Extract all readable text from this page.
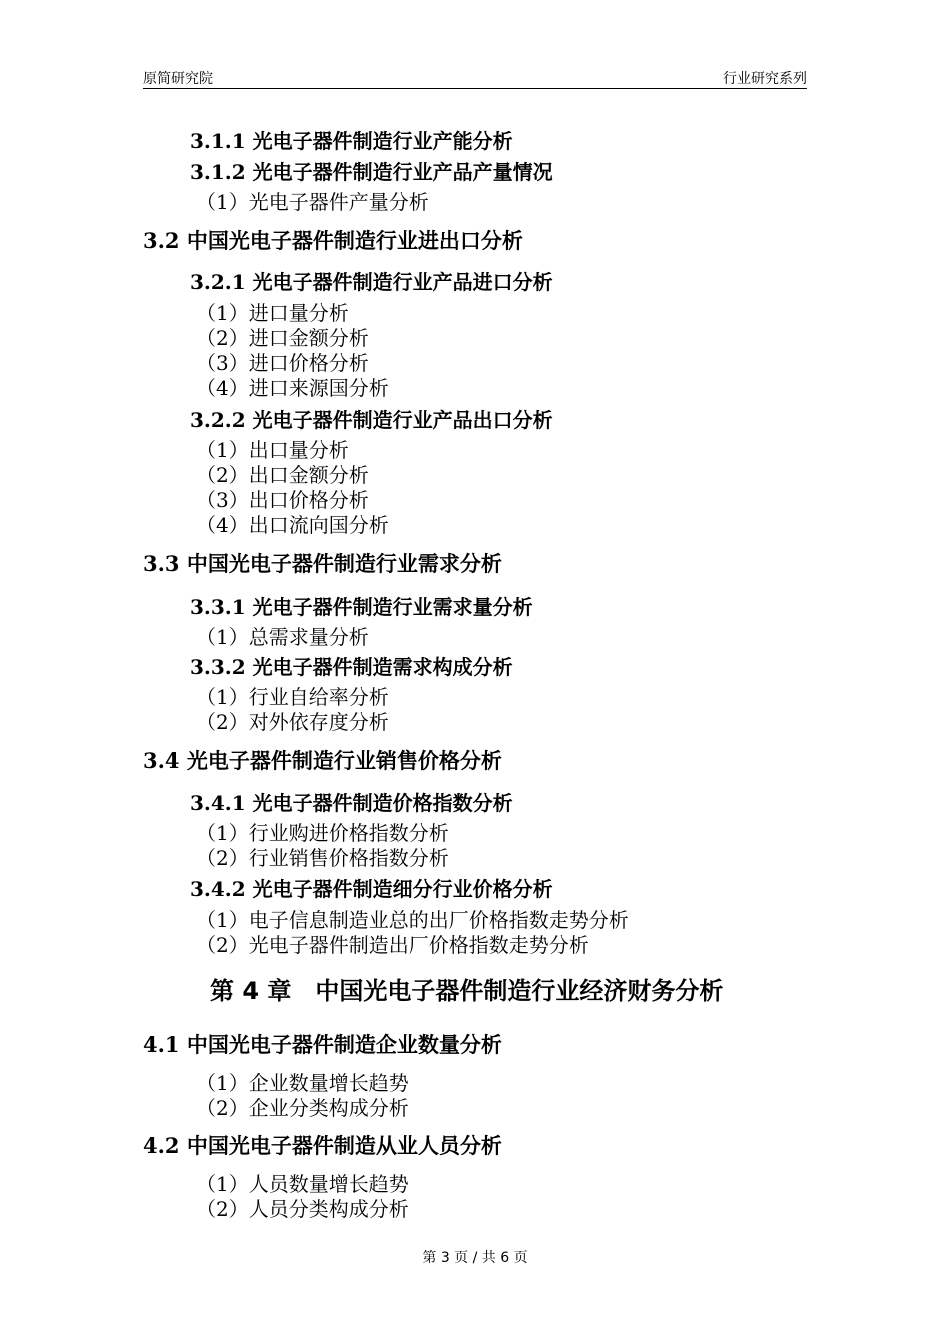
原简研究院	行业研究系列
3.1.1 光电子器件制造行业产能分析
3.1.2 光电子器件制造行业产品产量情况
（1）光电子器件产量分析
3.2 中国光电子器件制造行业进出口分析
3.2.1 光电子器件制造行业产品进口分析
（1）进口量分析
（2）进口金额分析
（3）进口价格分析
（4）进口来源国分析
3.2.2 光电子器件制造行业产品出口分析
（1）出口量分析
（2）出口金额分析
（3）出口价格分析
（4）出口流向国分析
3.3 中国光电子器件制造行业需求分析
3.3.1 光电子器件制造行业需求量分析
（1）总需求量分析
3.3.2 光电子器件制造需求构成分析
（1）行业自给率分析
（2）对外依存度分析
3.4 光电子器件制造行业销售价格分析
3.4.1 光电子器件制造价格指数分析
（1）行业购进价格指数分析
（2）行业销售价格指数分析
3.4.2 光电子器件制造细分行业价格分析
（1）电子信息制造业总的出厂价格指数走势分析
（2）光电子器件制造出厂价格指数走势分析
第 4 章　中国光电子器件制造行业经济财务分析
4.1 中国光电子器件制造企业数量分析
（1）企业数量增长趋势
（2）企业分类构成分析
4.2 中国光电子器件制造从业人员分析
（1）人员数量增长趋势
（2）人员分类构成分析
第 3 页 / 共 6 页
